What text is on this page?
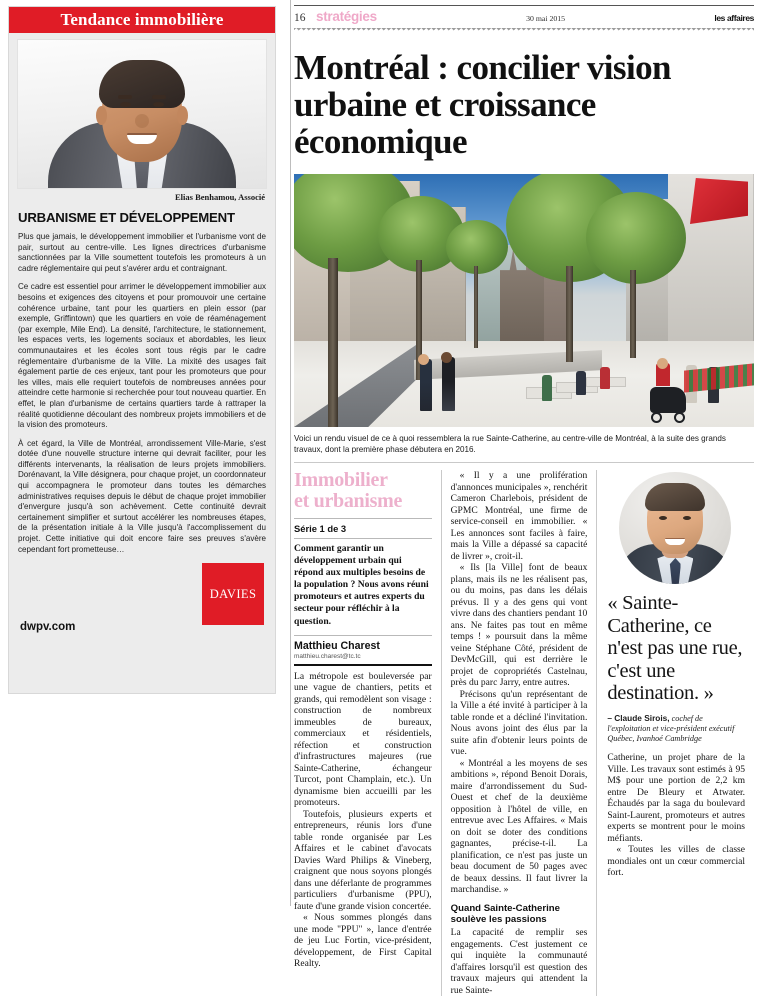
Tendance immobilière
Elias Benhamou, Associé
URBANISME ET DÉVELOPPEMENT

Plus que jamais, le développement immobilier et l'urbanisme vont de pair, surtout au centre-ville. Les lignes directrices d'urbanisme sanctionnées par la Ville soumettent toutefois les promoteurs à un cadre réglementaire qui peut s'avérer ardu et contraignant.

Ce cadre est essentiel pour arrimer le développement immobilier aux besoins et exigences des citoyens et pour promouvoir une certaine cohérence urbaine, tant pour les quartiers en plein essor (par exemple, Griffintown) que les quartiers en voie de réaménagement (par exemple, Mile End). La densité, l'architecture, le stationnement, les espaces verts, les logements sociaux et abordables, les lieux communautaires et les écoles sont tous régis par le cadre réglementaire d'urbanisme de la Ville. La mixité des usages fait également partie de ces enjeux, tant pour les promoteurs que pour les villes, mais elle requiert toutefois de nombreuses années pour atteindre cette harmonie si recherchée pour tout nouveau quartier. En effet, le plan d'urbanisme de certains quartiers tarde à rattraper la réalité quotidienne découlant des nombreux projets immobiliers et de la vision des promoteurs.

À cet égard, la Ville de Montréal, arrondissement Ville-Marie, s'est dotée d'une nouvelle structure interne qui devrait faciliter, pour les différents intervenants, la réalisation de leurs projets immobiliers. Dorénavant, la Ville désignera, pour chaque projet, un coordonnateur qui accompagnera le promoteur dans toutes les démarches administratives requises depuis le début de chaque projet immobilier d'envergure jusqu'à son achèvement. Cette continuité devrait certainement simplifier et surtout accélérer les nombreuses étapes, de la présentation initiale à la Ville jusqu'à l'accomplissement du projet. Cette initiative qui doit encore faire ses preuves s'avère cependant fort prometteuse…

DAVIES
dwpv.com
16 stratégies	30 mai 2015	les affaires
Montréal : concilier vision urbaine et croissance économique
Voici un rendu visuel de ce à quoi ressemblera la rue Sainte-Catherine, au centre-ville de Montréal, à la suite des grands travaux, dont la première phase débutera en 2016.
Immobilier
et urbanisme
Série 1 de 3
Comment garantir un développement urbain qui répond aux multiples besoins de la population ? Nous avons réuni promoteurs et autres experts du secteur pour réfléchir à la question.
Matthieu Charest
matthieu.charest@tc.tc

La métropole est bouleversée par une vague de chantiers, petits et grands, qui remodèlent son visage : construction de nombreux immeubles de bureaux, commerciaux et résidentiels, réfection et construction d'infrastructures majeures (rue Sainte-Catherine, échangeur Turcot, pont Champlain, etc.). Un dynamisme bien accueilli par les promoteurs.

Toutefois, plusieurs experts et entrepreneurs, réunis lors d'une table ronde organisée par Les Affaires et le cabinet d'avocats Davies Ward Philips & Vineberg, craignent que nous soyons plongés dans une déferlante de programmes particuliers d'urbanisme (PPU), faute d'une grande vision concertée.

« Nous sommes plongés dans une mode "PPU" », lance d'entrée de jeu Luc Fortin, vice-président, développement, de First Capital Realty.

« Il y a une prolifération d'annonces municipales », renchérit Cameron Charlebois, président de GPMC Montréal, une firme de service-conseil en immobilier. « Les annonces sont faciles à faire, mais la Ville a dépassé sa capacité de livrer », croit-il.

« Ils [la Ville] font de beaux plans, mais ils ne les réalisent pas, ou du moins, pas dans les délais prévus. Il y a des gens qui vont vivre dans des chantiers pendant 10 ans. Ne faites pas tout en même temps ! » poursuit dans la même veine Stéphane Côté, président de DevMcGill, qui est derrière le projet de copropriétés Castelnau, près du parc Jarry, entre autres.

Précisons qu'un représentant de la Ville a été invité à participer à la table ronde et a décliné l'invitation. Nous avons joint des élus par la suite afin d'obtenir leurs points de vue.

« Montréal a les moyens de ses ambitions », répond Benoit Dorais, maire d'arrondissement du Sud-Ouest et chef de la deuxième opposition à l'hôtel de ville, en entrevue avec Les Affaires. « Mais on doit se doter des conditions gagnantes, précise-t-il. La planification, ce n'est pas juste un beau document de 50 pages avec de beaux dessins. Il faut livrer la marchandise. »

Quand Sainte-Catherine soulève les passions

La capacité de remplir ses engagements. C'est justement ce qui inquiète la communauté d'affaires lorsqu'il est question des travaux majeurs qui attendent la rue Sainte-

« Sainte-Catherine, ce n'est pas une rue, c'est une destination. »
– Claude Sirois, cochef de l'exploitation et vice-président exécutif Québec, Ivanhoé Cambridge

Catherine, un projet phare de la Ville. Les travaux sont estimés à 95 M$ pour une portion de 2,2 km entre De Bleury et Atwater. Échaudés par la saga du boulevard Saint-Laurent, promoteurs et autres experts se montrent pour le moins méfiants.

« Toutes les villes de classe mondiales ont un cœur commercial fort.
